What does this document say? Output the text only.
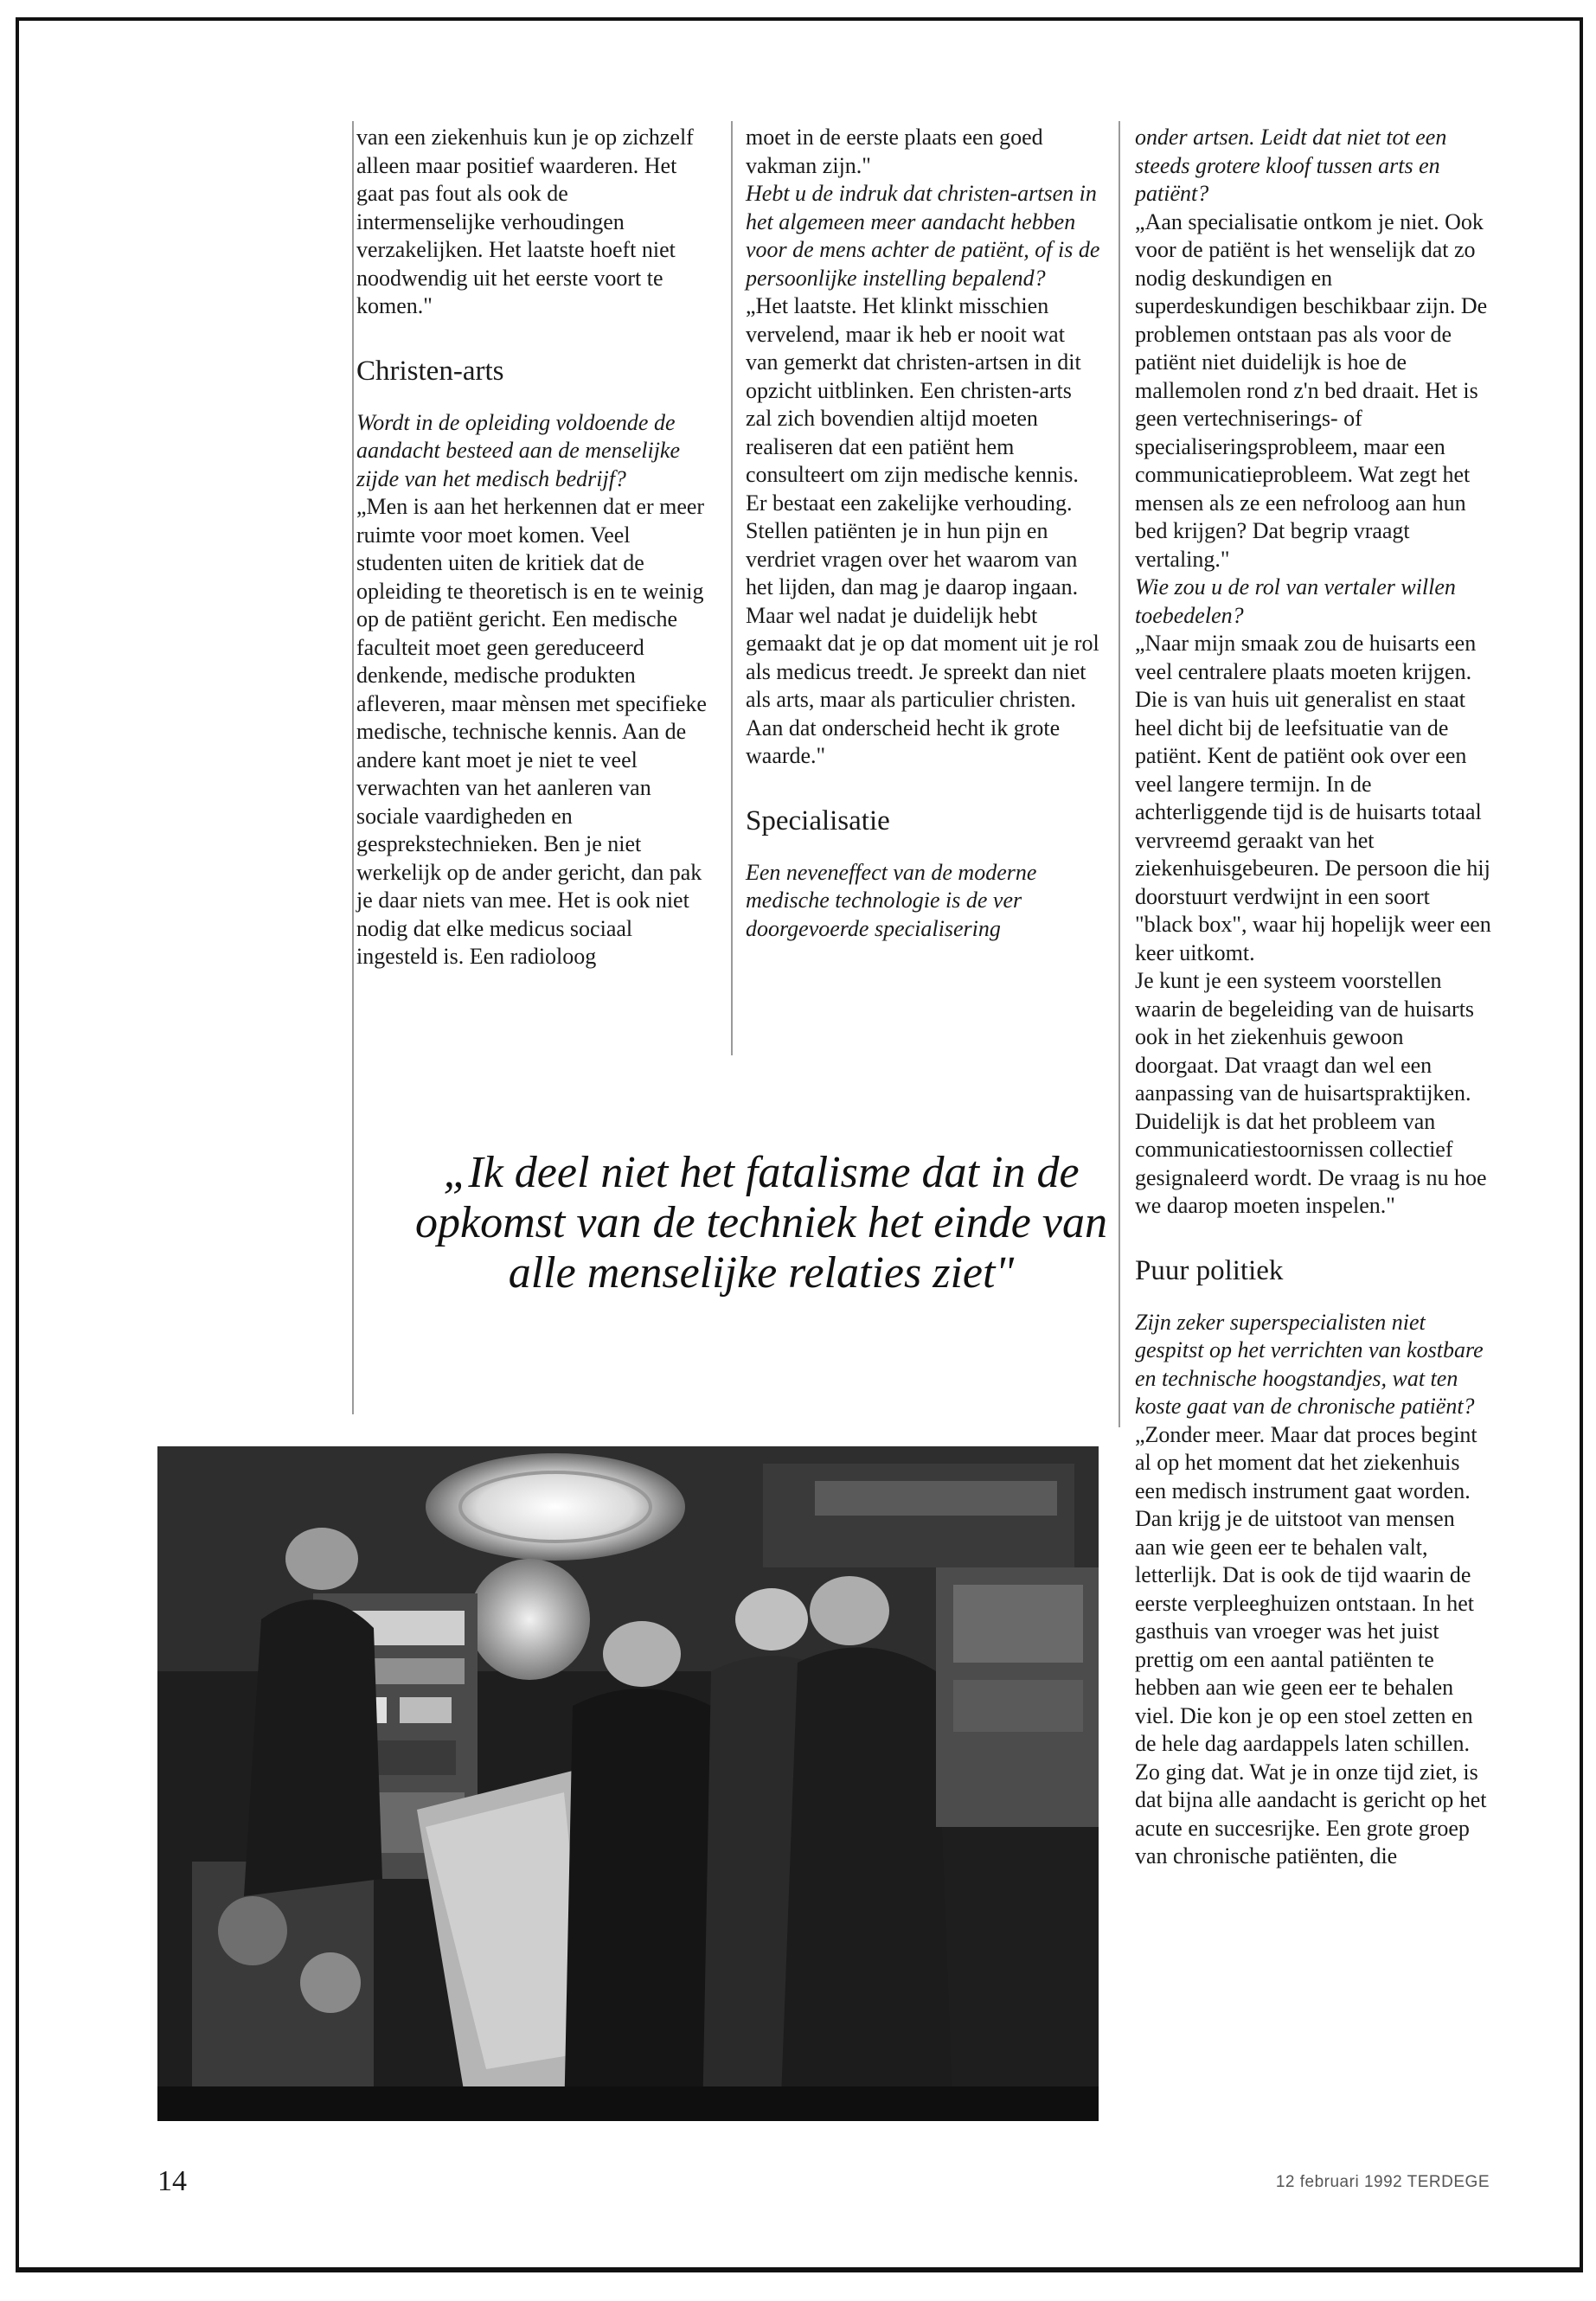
van een ziekenhuis kun je op zichzelf alleen maar positief waarderen. Het gaat pas fout als ook de intermenselijke verhoudingen verzakelijken. Het laatste hoeft niet noodwendig uit het eerste voort te komen."

Christen-arts

Wordt in de opleiding voldoende de aandacht besteed aan de menselijke zijde van het medisch bedrijf?

„Men is aan het herkennen dat er meer ruimte voor moet komen. Veel studenten uiten de kritiek dat de opleiding te theoretisch is en te weinig op de patiënt gericht. Een medische faculteit moet geen gereduceerd denkende, medische produkten afleveren, maar mènsen met specifieke medische, technische kennis. Aan de andere kant moet je niet te veel verwachten van het aanleren van sociale vaardigheden en gesprekstechnieken. Ben je niet werkelijk op de ander gericht, dan pak je daar niets van mee. Het is ook niet nodig dat elke medicus sociaal ingesteld is. Een radioloog

moet in de eerste plaats een goed vakman zijn."

Hebt u de indruk dat christen-artsen in het algemeen meer aandacht hebben voor de mens achter de patiënt, of is de persoonlijke instelling bepalend?

„Het laatste. Het klinkt misschien vervelend, maar ik heb er nooit wat van gemerkt dat christen-artsen in dit opzicht uitblinken. Een christen-arts zal zich bovendien altijd moeten realiseren dat een patiënt hem consulteert om zijn medische kennis. Er bestaat een zakelijke verhouding. Stellen patiënten je in hun pijn en verdriet vragen over het waarom van het lijden, dan mag je daarop ingaan. Maar wel nadat je duidelijk hebt gemaakt dat je op dat moment uit je rol als medicus treedt. Je spreekt dan niet als arts, maar als particulier christen. Aan dat onderscheid hecht ik grote waarde."

Specialisatie

Een neveneffect van de moderne medische technologie is de ver doorgevoerde specialisering

onder artsen. Leidt dat niet tot een steeds grotere kloof tussen arts en patiënt?

„Aan specialisatie ontkom je niet. Ook voor de patiënt is het wenselijk dat zo nodig deskundigen en superdeskundigen beschikbaar zijn. De problemen ontstaan pas als voor de patiënt niet duidelijk is hoe de mallemolen rond z'n bed draait. Het is geen vertechniserings- of specialiseringsprobleem, maar een communicatieprobleem. Wat zegt het mensen als ze een nefroloog aan hun bed krijgen? Dat begrip vraagt vertaling."

Wie zou u de rol van vertaler willen toebedelen?

„Naar mijn smaak zou de huisarts een veel centralere plaats moeten krijgen. Die is van huis uit generalist en staat heel dicht bij de leefsituatie van de patiënt. Kent de patiënt ook over een veel langere termijn. In de achterliggende tijd is de huisarts totaal vervreemd geraakt van het ziekenhuisgebeuren. De persoon die hij doorstuurt verdwijnt in een soort "black box", waar hij hopelijk weer een keer uitkomt.

Je kunt je een systeem voorstellen waarin de begeleiding van de huisarts ook in het ziekenhuis gewoon doorgaat. Dat vraagt dan wel een aanpassing van de huisartspraktijken. Duidelijk is dat het probleem van communicatiestoornissen collectief gesignaleerd wordt. De vraag is nu hoe we daarop moeten inspelen."

Puur politiek

Zijn zeker superspecialisten niet gespitst op het verrichten van kostbare en technische hoogstandjes, wat ten koste gaat van de chronische patiënt?

„Zonder meer. Maar dat proces begint al op het moment dat het ziekenhuis een medisch instrument gaat worden. Dan krijg je de uitstoot van mensen aan wie geen eer te behalen valt, letterlijk. Dat is ook de tijd waarin de eerste verpleeghuizen ontstaan. In het gasthuis van vroeger was het juist prettig om een aantal patiënten te hebben aan wie geen eer te behalen viel. Die kon je op een stoel zetten en de hele dag aardappels laten schillen. Zo ging dat. Wat je in onze tijd ziet, is dat bijna alle aandacht is gericht op het acute en succesrijke. Een grote groep van chronische patiënten, die

„Ik deel niet het fatalisme dat in de opkomst van de techniek het einde van alle menselijke relaties ziet"
14	12 februari 1992 TERDEGE
